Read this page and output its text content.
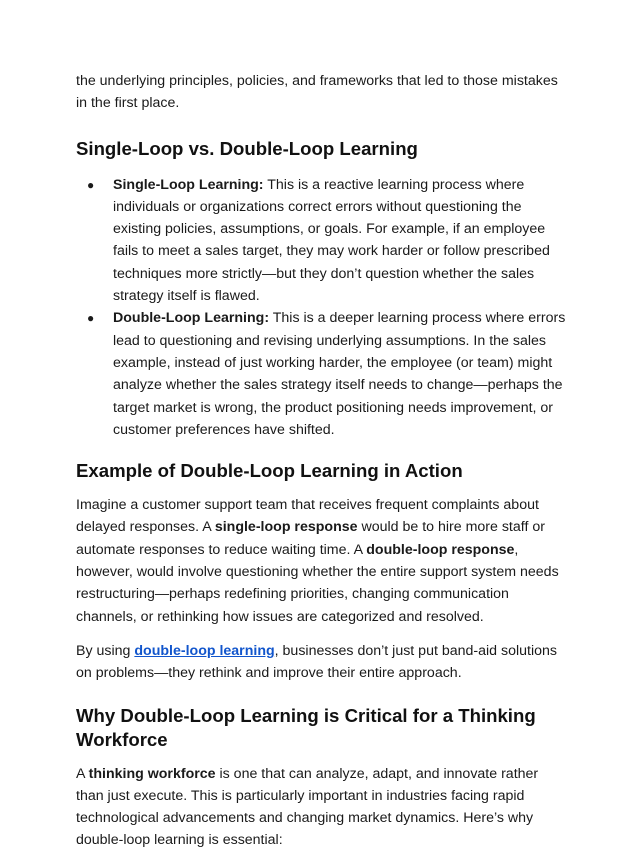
the underlying principles, policies, and frameworks that led to those mistakes in the first place.

Single-Loop vs. Double-Loop Learning
● Single-Loop Learning: This is a reactive learning process where individuals or organizations correct errors without questioning the existing policies, assumptions, or goals. For example, if an employee fails to meet a sales target, they may work harder or follow prescribed techniques more strictly—but they don’t question whether the sales strategy itself is flawed.
● Double-Loop Learning: This is a deeper learning process where errors lead to questioning and revising underlying assumptions. In the sales example, instead of just working harder, the employee (or team) might analyze whether the sales strategy itself needs to change—perhaps the target market is wrong, the product positioning needs improvement, or customer preferences have shifted.
Example of Double-Loop Learning in Action

Imagine a customer support team that receives frequent complaints about delayed responses. A single-loop response would be to hire more staff or automate responses to reduce waiting time. A double-loop response, however, would involve questioning whether the entire support system needs restructuring—perhaps redefining priorities, changing communication channels, or rethinking how issues are categorized and resolved.

By using double-loop learning, businesses don’t just put band-aid solutions on problems—they rethink and improve their entire approach.

Why Double-Loop Learning is Critical for a Thinking Workforce

A thinking workforce is one that can analyze, adapt, and innovate rather than just execute. This is particularly important in industries facing rapid technological advancements and changing market dynamics. Here’s why double-loop learning is essential:
